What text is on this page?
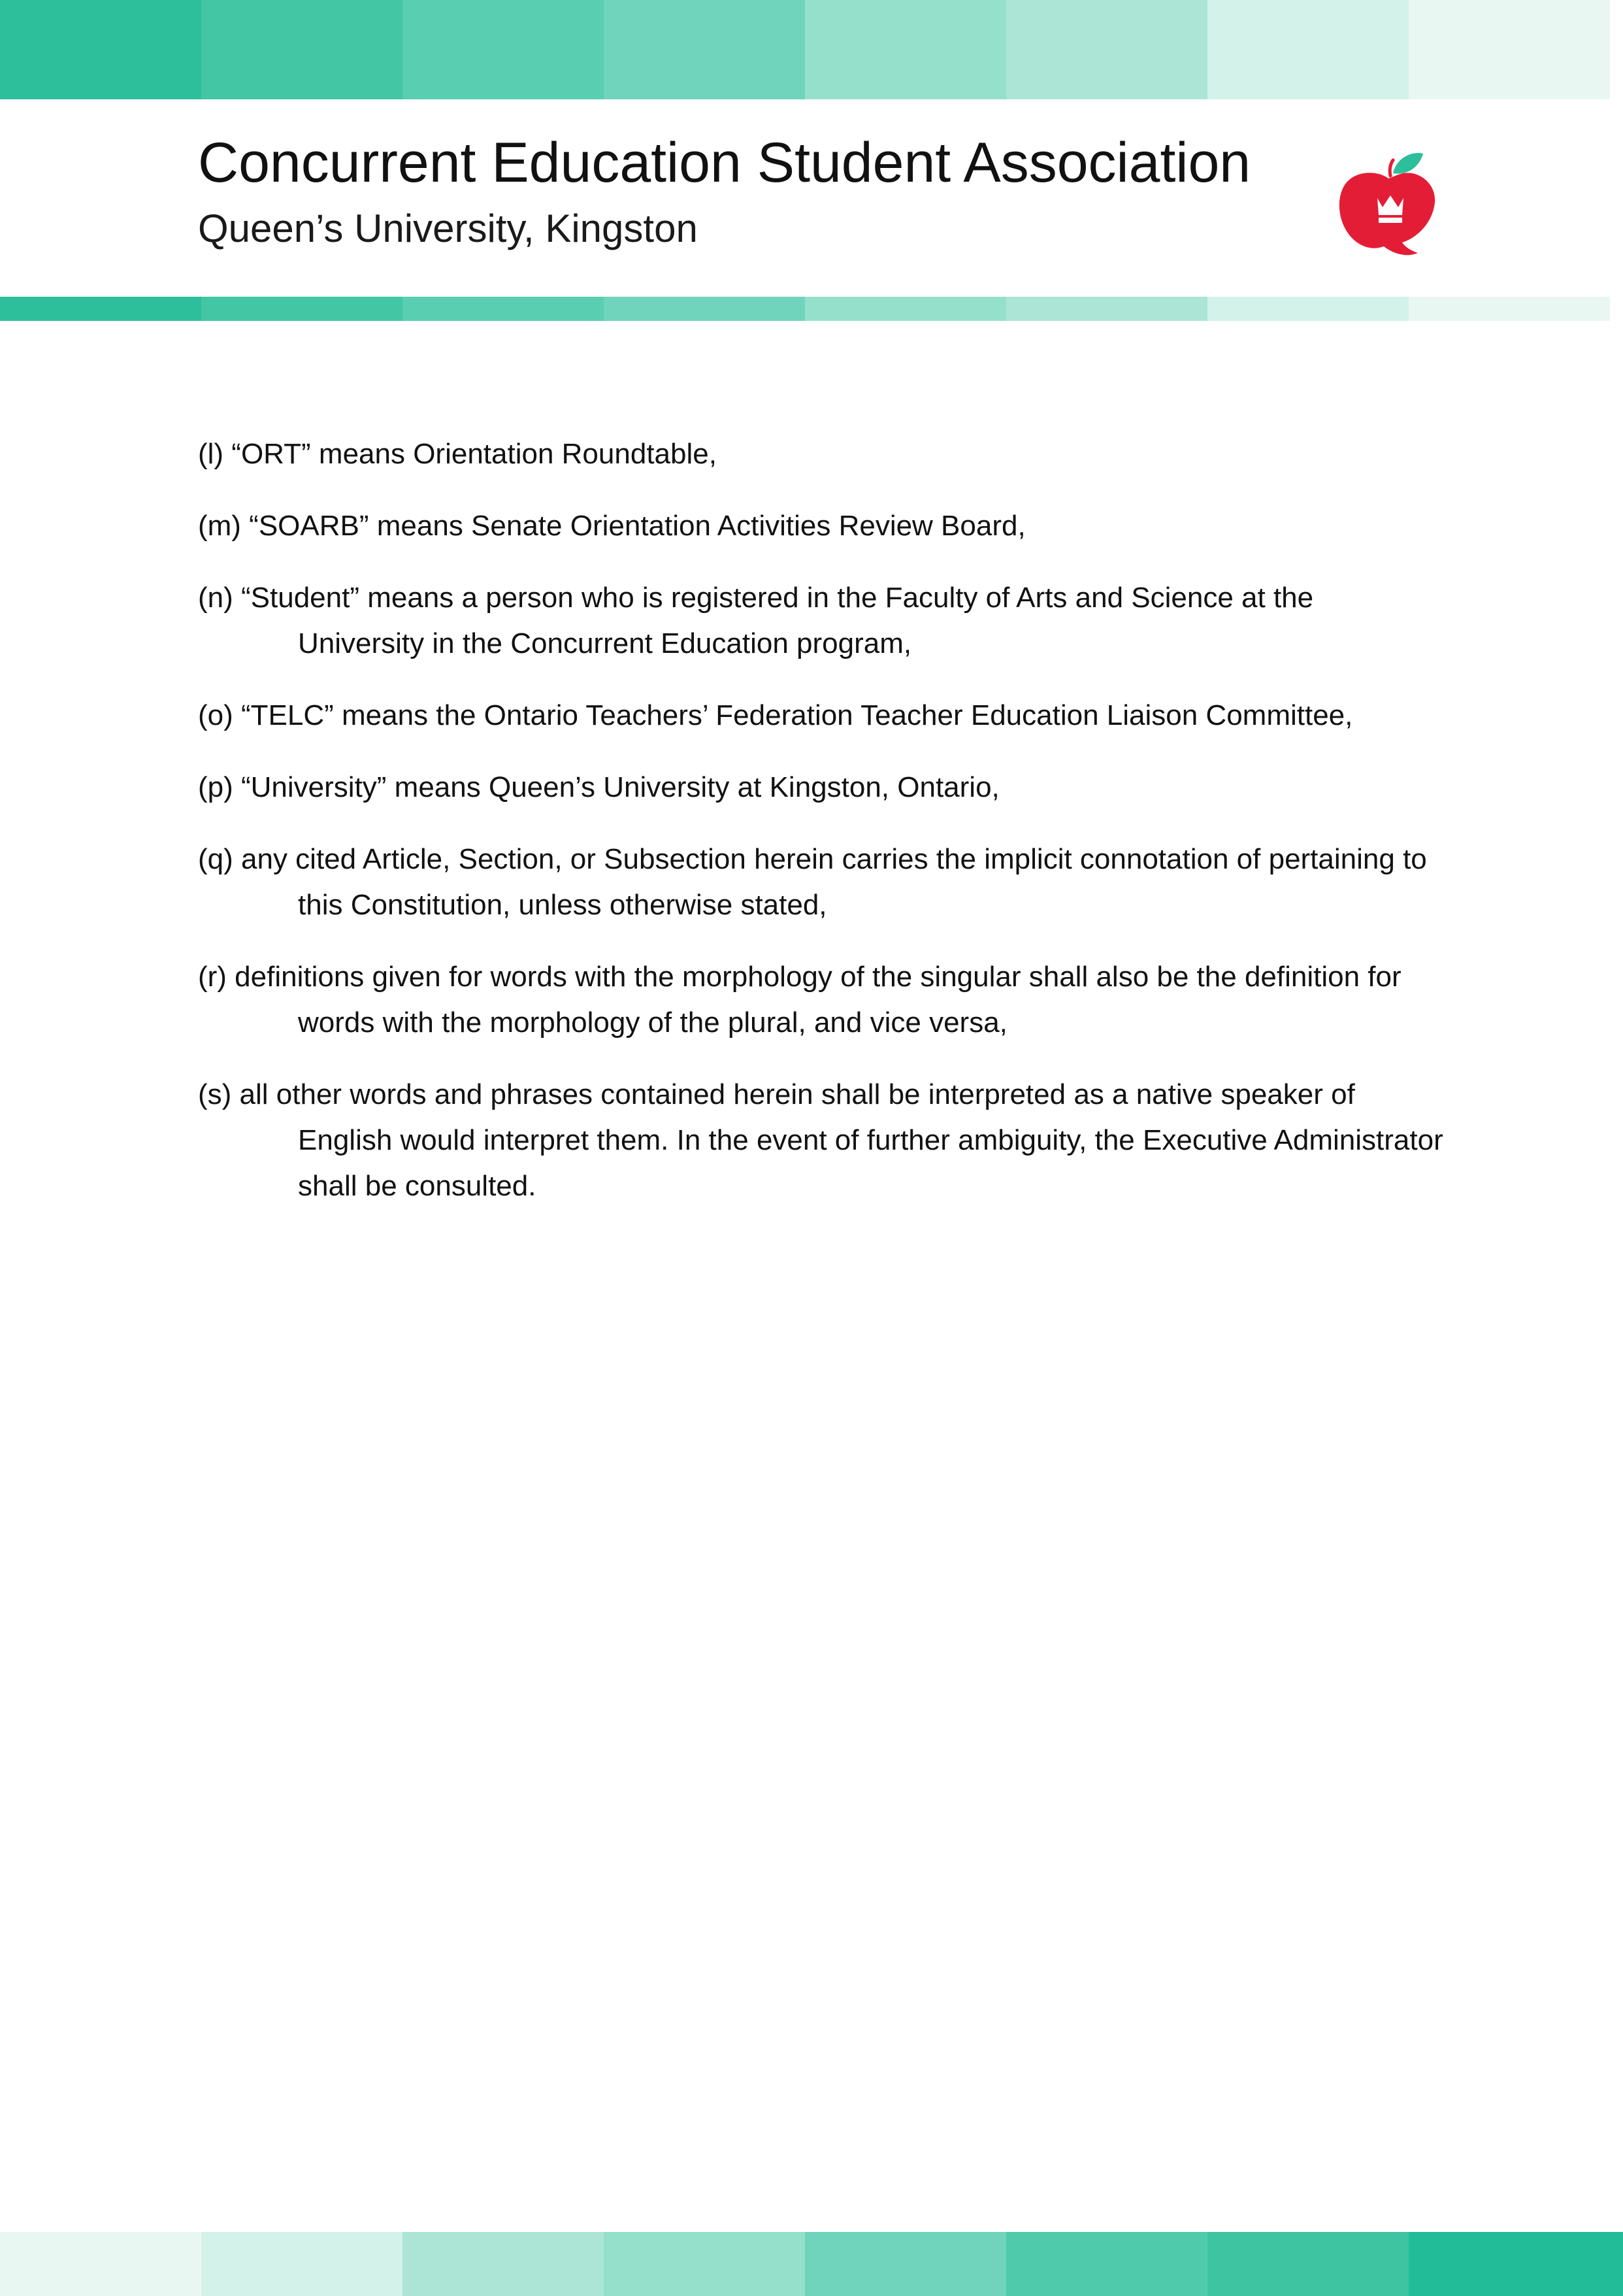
Concurrent Education Student Association
Queen’s University, Kingston
(l) “ORT” means Orientation Roundtable,
(m) “SOARB” means Senate Orientation Activities Review Board,
(n) “Student” means a person who is registered in the Faculty of Arts and Science at the University in the Concurrent Education program,
(o) “TELC” means the Ontario Teachers’ Federation Teacher Education Liaison Committee,
(p) “University” means Queen’s University at Kingston, Ontario,
(q) any cited Article, Section, or Subsection herein carries the implicit connotation of pertaining to this Constitution, unless otherwise stated,
(r) definitions given for words with the morphology of the singular shall also be the definition for words with the morphology of the plural, and vice versa,
(s) all other words and phrases contained herein shall be interpreted as a native speaker of English would interpret them. In the event of further ambiguity, the Executive Administrator shall be consulted.
